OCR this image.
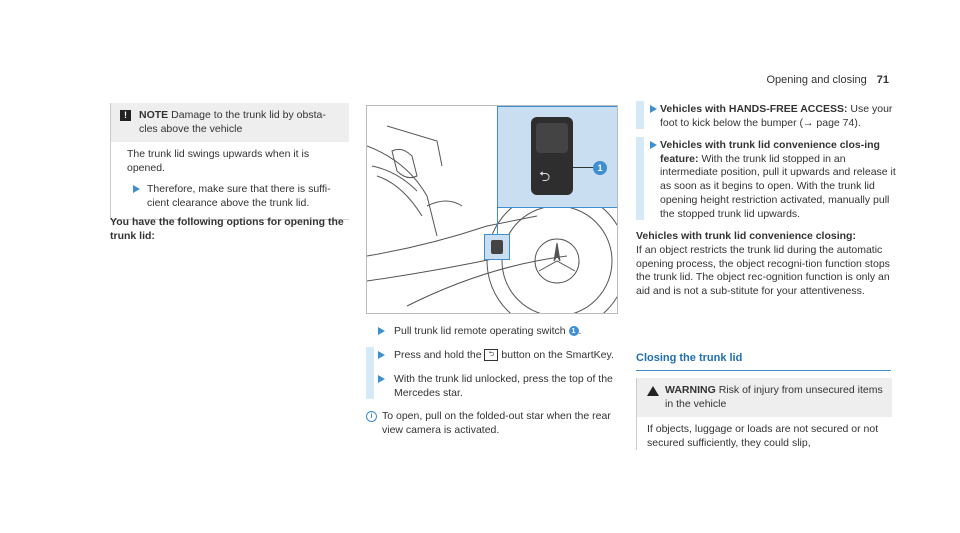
Opening and closing 71
!	NOTE Damage to the trunk lid by obsta-cles above the vehicle

The trunk lid swings upwards when it is opened.

Therefore, make sure that there is suffi-cient clearance above the trunk lid.
You have the following options for opening the trunk lid:
⮌	1
Pull trunk lid remote operating switch 1 .
Press and hold the ⮌ button on the SmartKey.
With the trunk lid unlocked, press the top of the Mercedes star.
i To open, pull on the folded-out star when the rear view camera is activated.
Vehicles with HANDS-FREE ACCESS: Use your foot to kick below the bumper (→ page 74).
Vehicles with trunk lid convenience clos-ing feature: With the trunk lid stopped in an intermediate position, pull it upwards and release it as soon as it begins to open. With the trunk lid opening height restriction activated, manually pull the stopped trunk lid upwards.
Vehicles with trunk lid convenience closing:
If an object restricts the trunk lid during the automatic opening process, the object recogni-tion function stops the trunk lid. The object rec-ognition function is only an aid and is not a sub-stitute for your attentiveness.
Closing the trunk lid
WARNING Risk of injury from unsecured items in the vehicle
If objects, luggage or loads are not secured or not secured sufficiently, they could slip,
